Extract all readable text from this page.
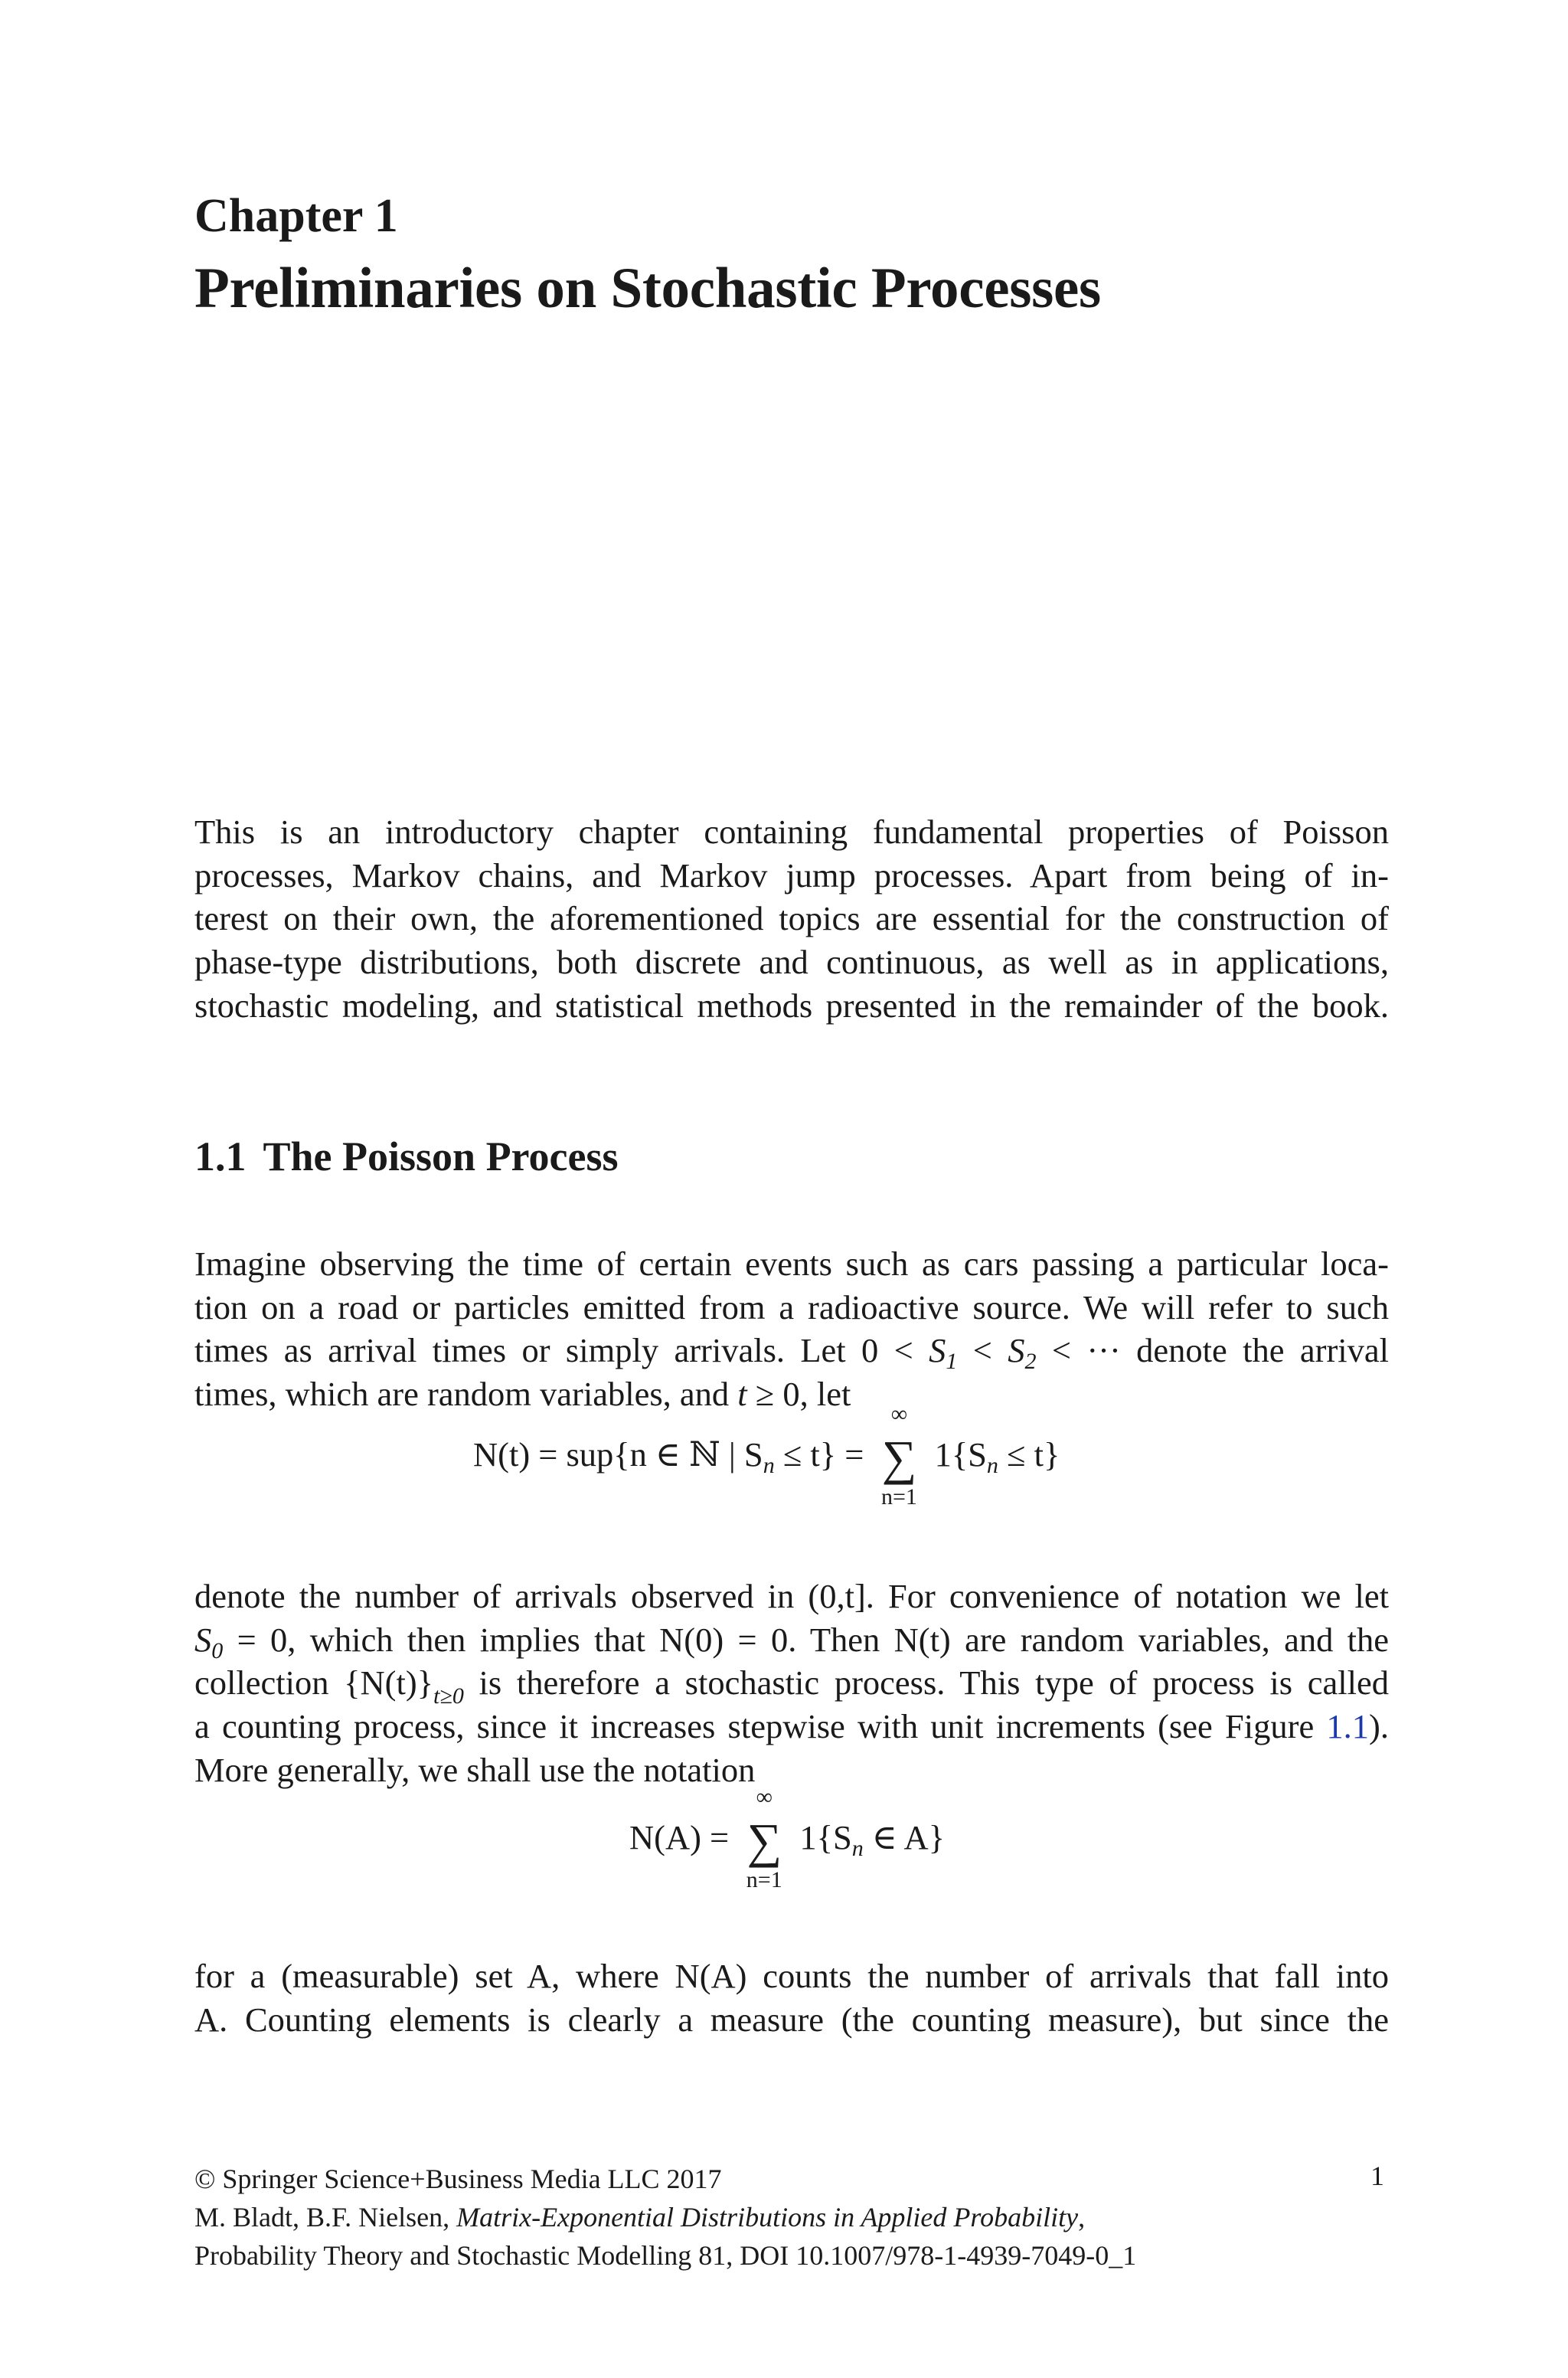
Chapter 1
Preliminaries on Stochastic Processes
This is an introductory chapter containing fundamental properties of Poisson
processes, Markov chains, and Markov jump processes. Apart from being of in-
terest on their own, the aforementioned topics are essential for the construction of
phase-type distributions, both discrete and continuous, as well as in applications,
stochastic modeling, and statistical methods presented in the remainder of the book.
1.1 The Poisson Process
Imagine observing the time of certain events such as cars passing a particular loca-
tion on a road or particles emitted from a radioactive source. We will refer to such
times as arrival times or simply arrivals. Let $0 < S_1 < S_2$ < ··· denote the arrival
times, which are random variables, and t ≥ 0, let
N(t) = sup{n ∈ ℕ | $S_n \le t$} =
∞
∑
n=1
$1\{S_n \le t\}$
denote the number of arrivals observed in (0,t]. For convenience of notation we let
$S_0 = 0$, which then implies that N(0) = 0. Then N(t) are random variables, and the
collection $\{N(t)\}_{t\ge 0}$ is therefore a stochastic process. This type of process is called
a counting process, since it increases stepwise with unit increments (see Figure 1.1).
More generally, we shall use the notation
N(A) =
∞
∑
n=1
$1\{S_n$ ∈ A}
for a (measurable) set A, where N(A) counts the number of arrivals that fall into
A. Counting elements is clearly a measure (the counting measure), but since the
© Springer Science+Business Media LLC 2017
M. Bladt, B.F. Nielsen, Matrix-Exponential Distributions in Applied Probability,
Probability Theory and Stochastic Modelling 81, DOI 10.1007/978-1-4939-7049-0_1
1
